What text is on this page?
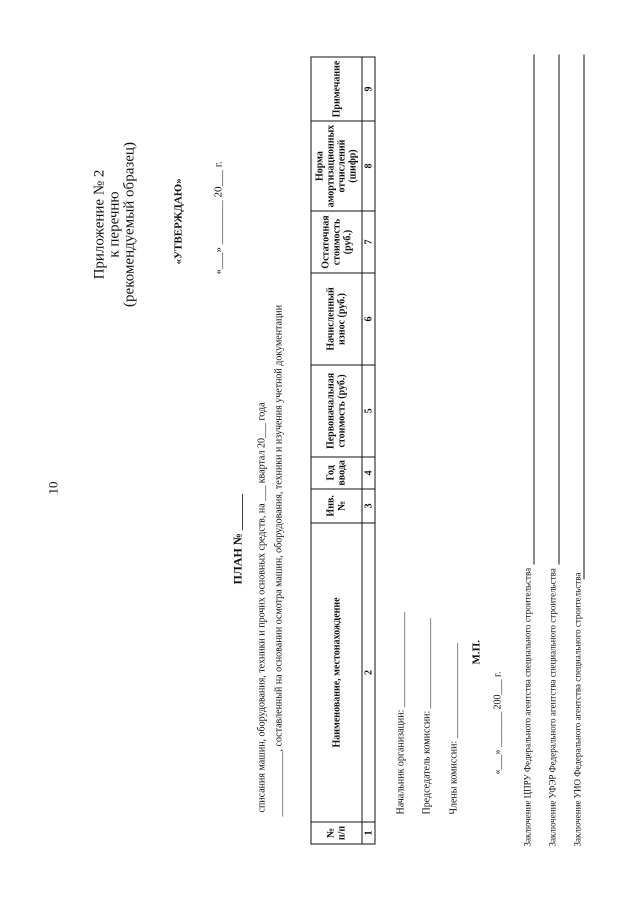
10
Приложение № 2 к перечню (рекомендуемый образец)	«УТВЕРЖДАЮ»	«___» ________ 20___ г.
ПЛАН № ______ списания машин, оборудования, техники и прочих основных средств, на ___ квартал 20___ года _____________, составленный на основании осмотра машин, оборудования, техники и изучения учетной документации
№ п/п	Наименование, местонахождение	Инв. №	Год ввода	Первоначальная стоимость (руб.)	Начисленный износ (руб.)	Остаточная стоимость (руб.)	Норма амортизационных отчислений (шифр)	Примечание
1	2	3	4	5	6	7	8	9
Начальник организации: ___________________ Председатель комиссии: __________________ Члены комиссии: ___________________ М.П.
«___» _______ 200___ г. Заключение ЦПРУ Федерального агентства специального строительства Заключение УФЭР Федерального агентства специального строительства Заключение УИО Федерального агентства специального строительства
